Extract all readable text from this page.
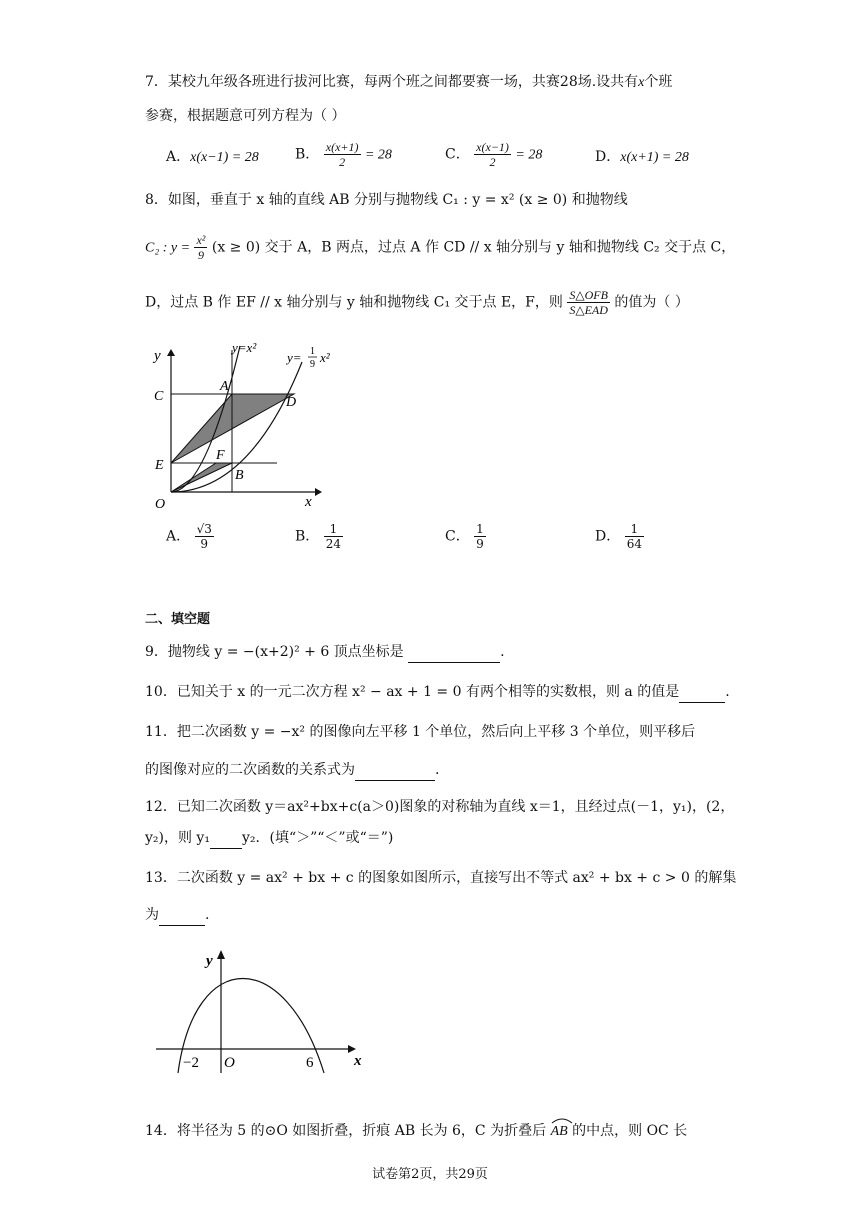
7．某校九年级各班进行拔河比赛，每两个班之间都要赛一场，共赛28场.设共有x个班
参赛，根据题意可列方程为（ ）
A．x(x−1) = 28	B． $\frac{x(x+1)}{2} = 28$	C． $\frac{x(x-1)}{2} = 28$	D．x(x+1) = 28
8．如图，垂直于 x 轴的直线 AB 分别与抛物线 C₁ : y = x² (x ≥ 0) 和抛物线
C₂ : $y = \frac{\text{x²}}{9} (x \ge 0)$ 交于 A，B 两点，过点 A 作 CD // x 轴分别与 y 轴和抛物线 C₂ 交于点 C，
D，过点 B 作 EF // x 轴分别与 y 轴和抛物线 C₁ 交于点 E，F，则 $\frac{\text{S△OFB}}{\text{S△EAD}}$ 的值为（ ）
y
x
y=x²
y= 1
9 x²
A
B
C	D
E
F
O
A． $\frac{√3}{9}$	B． $\frac{1}{24}$	C． $\frac{1}{9}$	D． $\frac{1}{64}$
二、填空题
9．抛物线 y = −(x+2)² + 6 顶点坐标是	.
10．已知关于 x 的一元二次方程 x² − ax + 1 = 0 有两个相等的实数根，则 a 的值是	.
11．把二次函数 y = −x² 的图像向左平移 1 个单位，然后向上平移 3 个单位，则平移后
的图像对应的二次函数的关系式为	.
12．已知二次函数 y＝ax²+bx+c(a＞0)图象的对称轴为直线 x＝1，且经过点(－1，y₁)，(2，
y₂)，则 y₁ y₂．(填“＞”“＜”或“＝”)
13．二次函数 y = ax² + bx + c 的图象如图所示，直接写出不等式 ax² + bx + c > 0 的解集
为	.
y
x
O
−2	6
14．将半径为 5 的⊙O 如图折叠，折痕 AB 长为 6，C 为折叠后 AB 的中点，则 OC 长
试卷第2页，共29页
